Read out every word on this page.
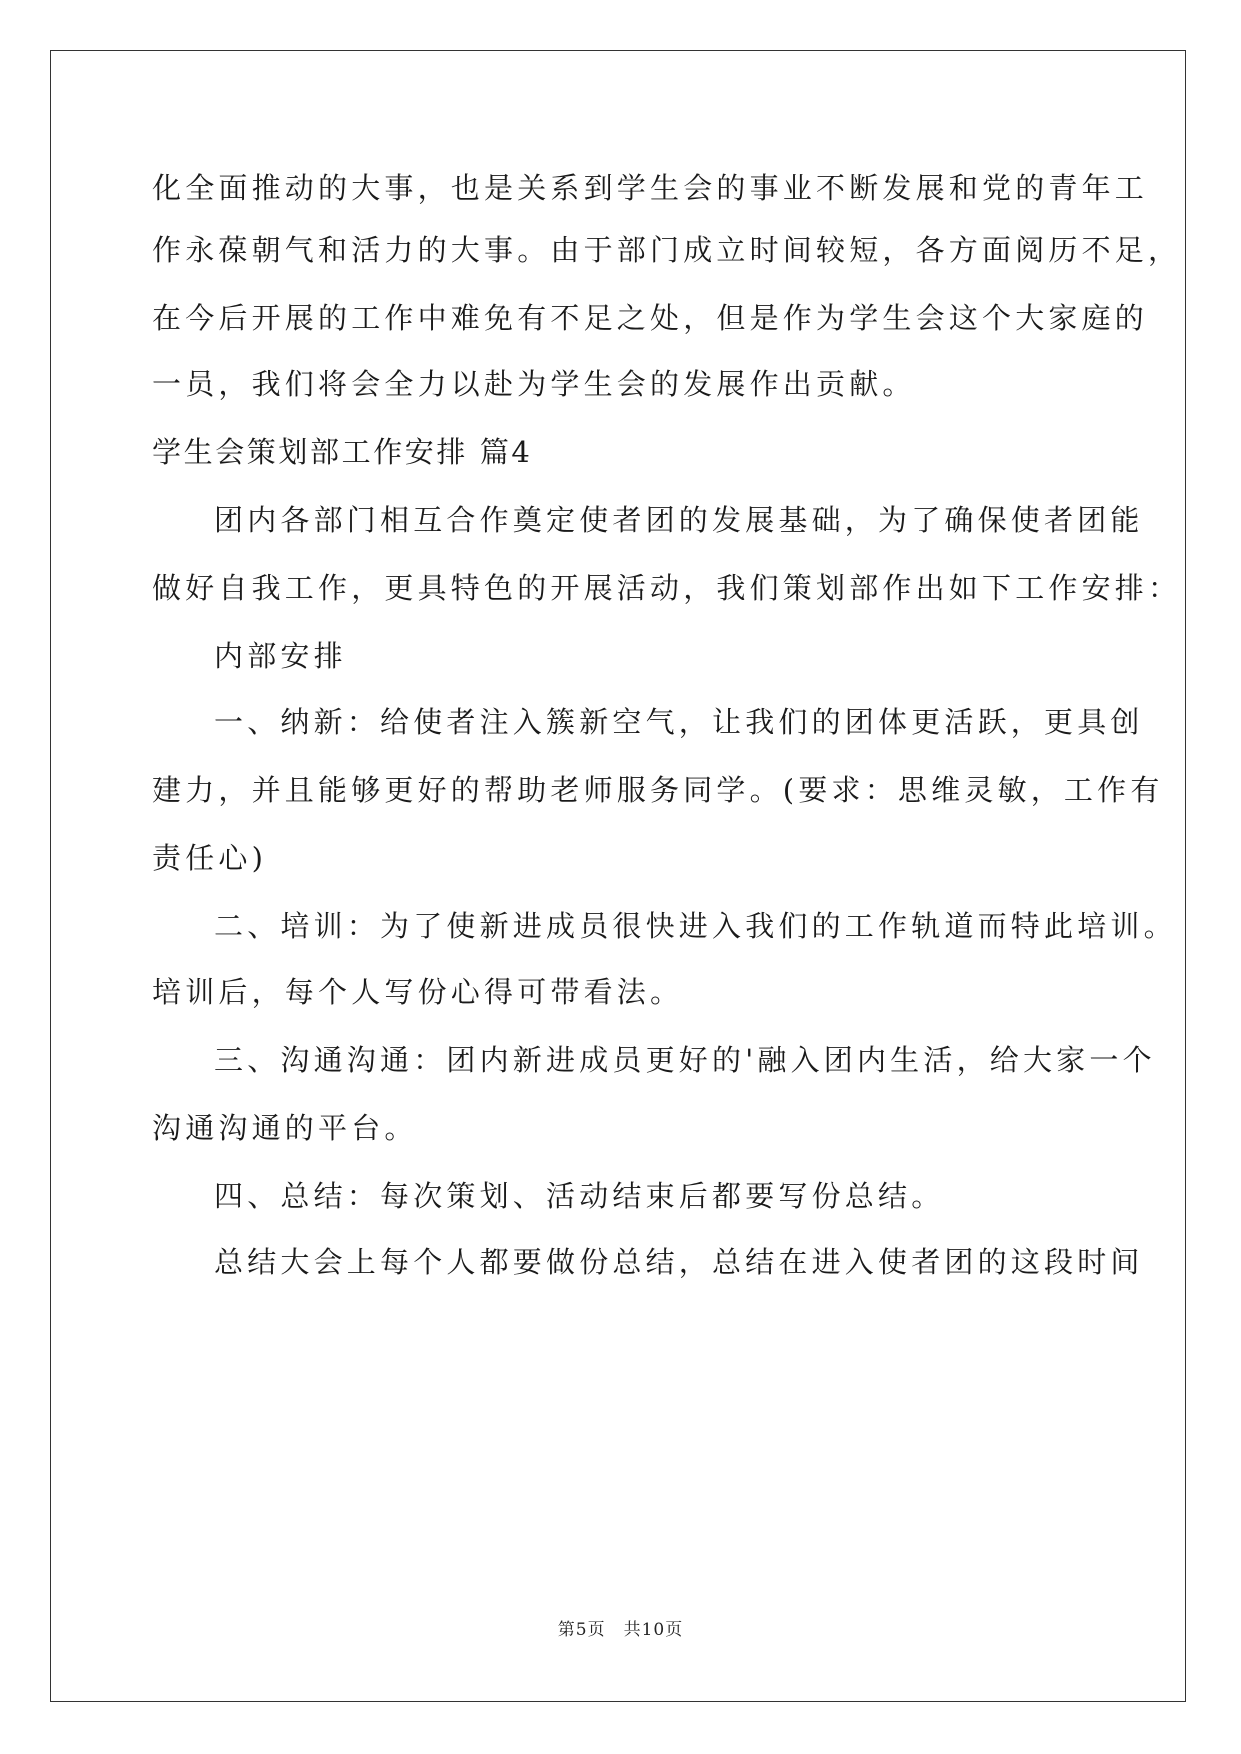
化全面推动的大事，也是关系到学生会的事业不断发展和党的青年工
作永葆朝气和活力的大事。由于部门成立时间较短，各方面阅历不足，
在今后开展的工作中难免有不足之处，但是作为学生会这个大家庭的
一员，我们将会全力以赴为学生会的发展作出贡献。
学生会策划部工作安排 篇4
团内各部门相互合作奠定使者团的发展基础，为了确保使者团能
做好自我工作，更具特色的开展活动，我们策划部作出如下工作安排：
内部安排
一、纳新：给使者注入簇新空气，让我们的团体更活跃，更具创
建力，并且能够更好的帮助老师服务同学。(要求：思维灵敏，工作有
责任心)
二、培训：为了使新进成员很快进入我们的工作轨道而特此培训。
培训后，每个人写份心得可带看法。
三、沟通沟通：团内新进成员更好的'融入团内生活，给大家一个
沟通沟通的平台。
四、总结：每次策划、活动结束后都要写份总结。
总结大会上每个人都要做份总结，总结在进入使者团的这段时间
第5页　共10页
